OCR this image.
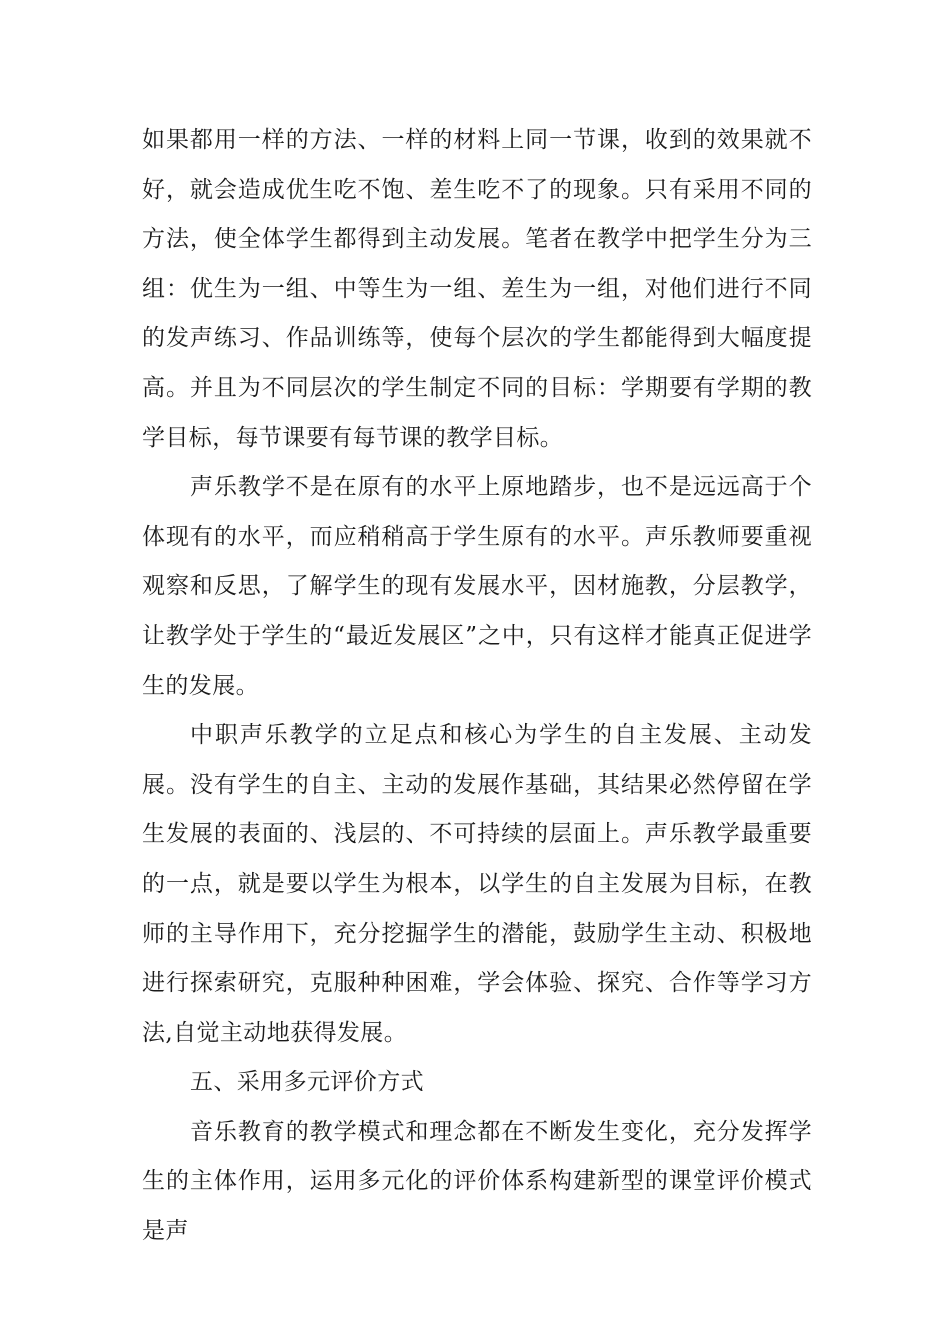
如果都用一样的方法、一样的材料上同一节课，收到的效果就不好，就会造成优生吃不饱、差生吃不了的现象。只有采用不同的方法，使全体学生都得到主动发展。笔者在教学中把学生分为三组：优生为一组、中等生为一组、差生为一组，对他们进行不同的发声练习、作品训练等，使每个层次的学生都能得到大幅度提高。并且为不同层次的学生制定不同的目标：学期要有学期的教学目标，每节课要有每节课的教学目标。

声乐教学不是在原有的水平上原地踏步，也不是远远高于个体现有的水平，而应稍稍高于学生原有的水平。声乐教师要重视观察和反思，了解学生的现有发展水平，因材施教，分层教学，让教学处于学生的“最近发展区”之中，只有这样才能真正促进学生的发展。

中职声乐教学的立足点和核心为学生的自主发展、主动发展。没有学生的自主、主动的发展作基础，其结果必然停留在学生发展的表面的、浅层的、不可持续的层面上。声乐教学最重要的一点，就是要以学生为根本，以学生的自主发展为目标，在教师的主导作用下，充分挖掘学生的潜能，鼓励学生主动、积极地进行探索研究，克服种种困难，学会体验、探究、合作等学习方法,自觉主动地获得发展。

五、采用多元评价方式

音乐教育的教学模式和理念都在不断发生变化，充分发挥学生的主体作用，运用多元化的评价体系构建新型的课堂评价模式是声
